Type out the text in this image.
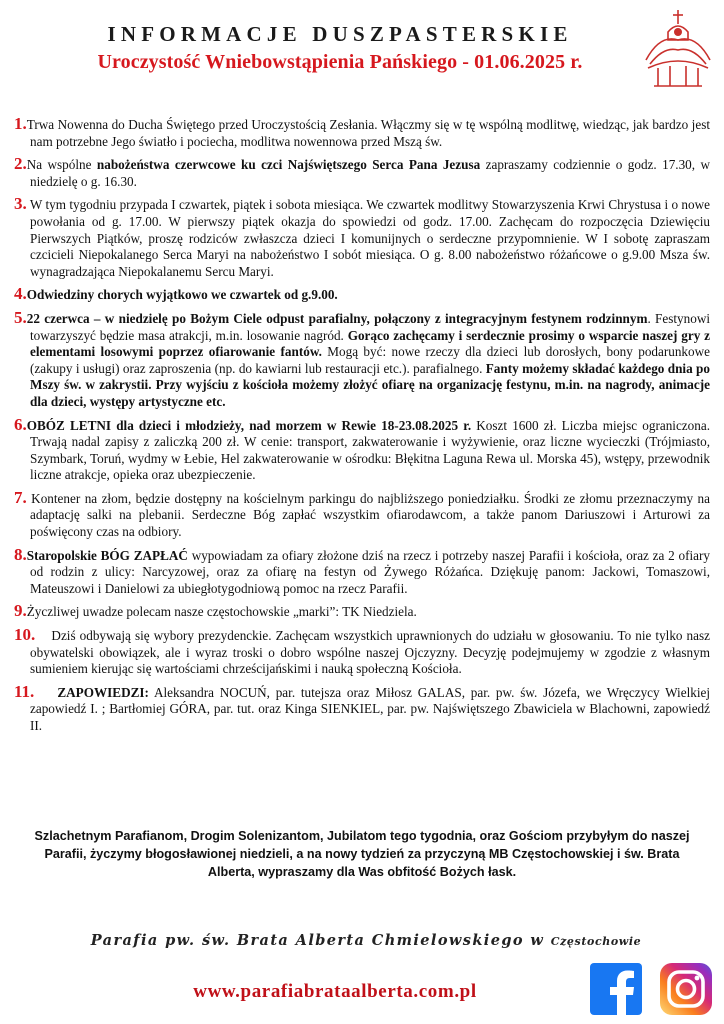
INFORMACJE DUSZPASTERSKIE
Uroczystość Wniebowstąpienia Pańskiego - 01.06.2025 r.
1.Trwa Nowenna do Ducha Świętego przed Uroczystością Zesłania. Włączmy się w tę wspólną modlitwę, wiedząc, jak bardzo jest nam potrzebne Jego światło i pociecha, modlitwa nowennowa przed Mszą św.
2.Na wspólne nabożeństwa czerwcowe ku czci Najświętszego Serca Pana Jezusa zapraszamy codziennie o godz. 17.30, w niedzielę o g. 16.30.
3. W tym tygodniu przypada I czwartek, piątek i sobota miesiąca. We czwartek modlitwy Stowarzyszenia Krwi Chrystusa i o nowe powołania od g. 17.00. W pierwszy piątek okazja do spowiedzi od godz. 17.00. Zachęcam do rozpoczęcia Dziewięciu Pierwszych Piątków, proszę rodziców zwłaszcza dzieci I komunijnych o serdeczne przypomnienie. W I sobotę zapraszam czcicieli Niepokalanego Serca Maryi na nabożeństwo I sobót miesiąca. O g. 8.00 nabożeństwo różańcowe o g.9.00 Msza św. wynagradzająca Niepokalanemu Sercu Maryi.
4.Odwiedziny chorych wyjątkowo we czwartek od g.9.00.
5.22 czerwca – w niedzielę po Bożym Ciele odpust parafialny, połączony z integracyjnym festynem rodzinnym. Festynowi towarzyszyć będzie masa atrakcji, m.in. losowanie nagród. Gorąco zachęcamy i serdecznie prosimy o wsparcie naszej gry z elementami losowymi poprzez ofiarowanie fantów. Mogą być: nowe rzeczy dla dzieci lub dorosłych, bony podarunkowe (zakupy i usługi) oraz zaproszenia (np. do kawiarni lub restauracji etc.). parafialnego. Fanty możemy składać każdego dnia po Mszy św. w zakrystii. Przy wyjściu z kościoła możemy złożyć ofiarę na organizację festynu, m.in. na nagrody, animacje dla dzieci, występy artystyczne etc.
6.OBÓZ LETNI dla dzieci i młodzieży, nad morzem w Rewie 18-23.08.2025 r. Koszt 1600 zł. Liczba miejsc ograniczona. Trwają nadal zapisy z zaliczką 200 zł. W cenie: transport, zakwaterowanie i wyżywienie, oraz liczne wycieczki (Trójmiasto, Szymbark, Toruń, wydmy w Łebie, Hel zakwaterowanie w ośrodku: Błękitna Laguna Rewa ul. Morska 45), wstępy, przewodnik liczne atrakcje, opieka oraz ubezpieczenie.
7. Kontener na złom, będzie dostępny na kościelnym parkingu do najbliższego poniedziałku. Środki ze złomu przeznaczymy na adaptację salki na plebanii. Serdeczne Bóg zapłać wszystkim ofiarodawcom, a także panom Dariuszowi i Arturowi za poświęcony czas na odbiory.
8.Staropolskie BÓG ZAPŁAĆ wypowiadam za ofiary złożone dziś na rzecz i potrzeby naszej Parafii i kościoła, oraz za 2 ofiary od rodzin z ulicy: Narcyzowej, oraz za ofiarę na festyn od Żywego Różańca. Dziękuję panom: Jackowi, Tomaszowi, Mateuszowi i Danielowi za ubiegłotygodniową pomoc na rzecz Parafii.
9.Życzliwej uwadze polecam nasze częstochowskie „marki”: TK Niedziela.
10.    Dziś odbywają się wybory prezydenckie. Zachęcam wszystkich uprawnionych do udziału w głosowaniu. To nie tylko nasz obywatelski obowiązek, ale i wyraz troski o dobro wspólne naszej Ojczyzny. Decyzję podejmujemy w zgodzie z własnym sumieniem kierując się wartościami chrześcijańskimi i nauką społeczną Kościoła.
11. ZAPOWIEDZI: Aleksandra NOCUŃ, par. tutejsza oraz Miłosz GALAS, par. pw. św. Józefa, we Wręczycy Wielkiej zapowiedź I. ; Bartłomiej GÓRA, par. tut. oraz Kinga SIENKIEL, par. pw. Najświętszego Zbawiciela w Blachowni, zapowiedź II.
Szlachetnym Parafianom, Drogim Solenizantom, Jubilatom tego tygodnia, oraz Gościom przybyłym do naszej Parafii, życzymy błogosławionej niedzieli, a na nowy tydzień za przyczyną MB Częstochowskiej i św. Brata Alberta, wypraszamy dla Was obfitość Bożych łask.
Parafia pw. św. Brata Alberta Chmielowskiego w Częstochowie
www.parafiabrataalberta.com.pl
